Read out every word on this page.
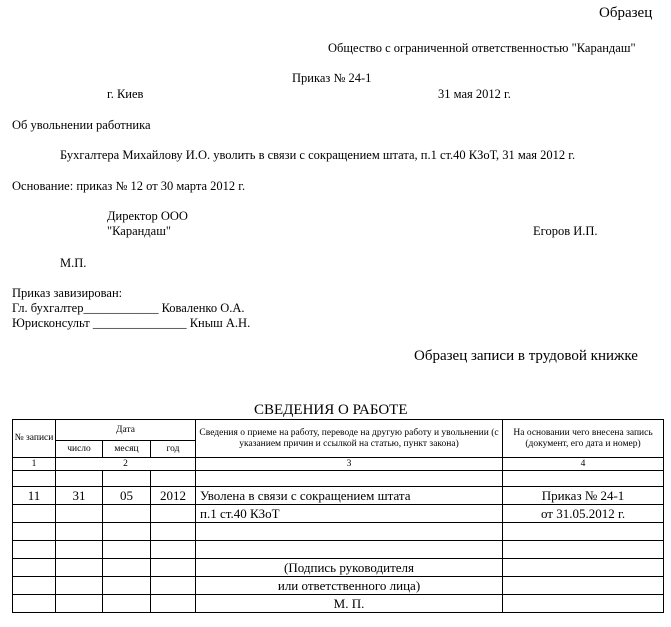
Образец
Общество с ограниченной ответственностью "Карандаш"
Приказ № 24-1
г. Киев	31 мая 2012 г.
Об увольнении работника
Бухгалтера Михайлову И.О. уволить в связи с сокращением штата, п.1 ст.40 КЗоТ, 31 мая 2012 г.
Основание: приказ № 12 от 30 марта 2012 г.
Директор ООО
"Карандаш"	Егоров И.П.
М.П.
Приказ завизирован:
Гл. бухгалтер____________ Коваленко О.А.
Юрисконсульт _______________ Кныш А.Н.
Образец записи в трудовой книжке
СВЕДЕНИЯ О РАБОТЕ
№ записи	Дата			Сведения о приеме на работу, переводе на другую работу и увольнении (с указанием причин и ссылкой на статью, пункт закона)	На основании чего внесена запись (документ, его дата и номер)
	число	месяц	год		
1	2			3	4

11	31	05	2012	Уволена в связи с сокращением штата	Приказ № 24-1
				п.1 ст.40 КЗоТ	от 31.05.2012 г.

				(Подпись руководителя	
				или ответственного лица)	
				М. П.	
